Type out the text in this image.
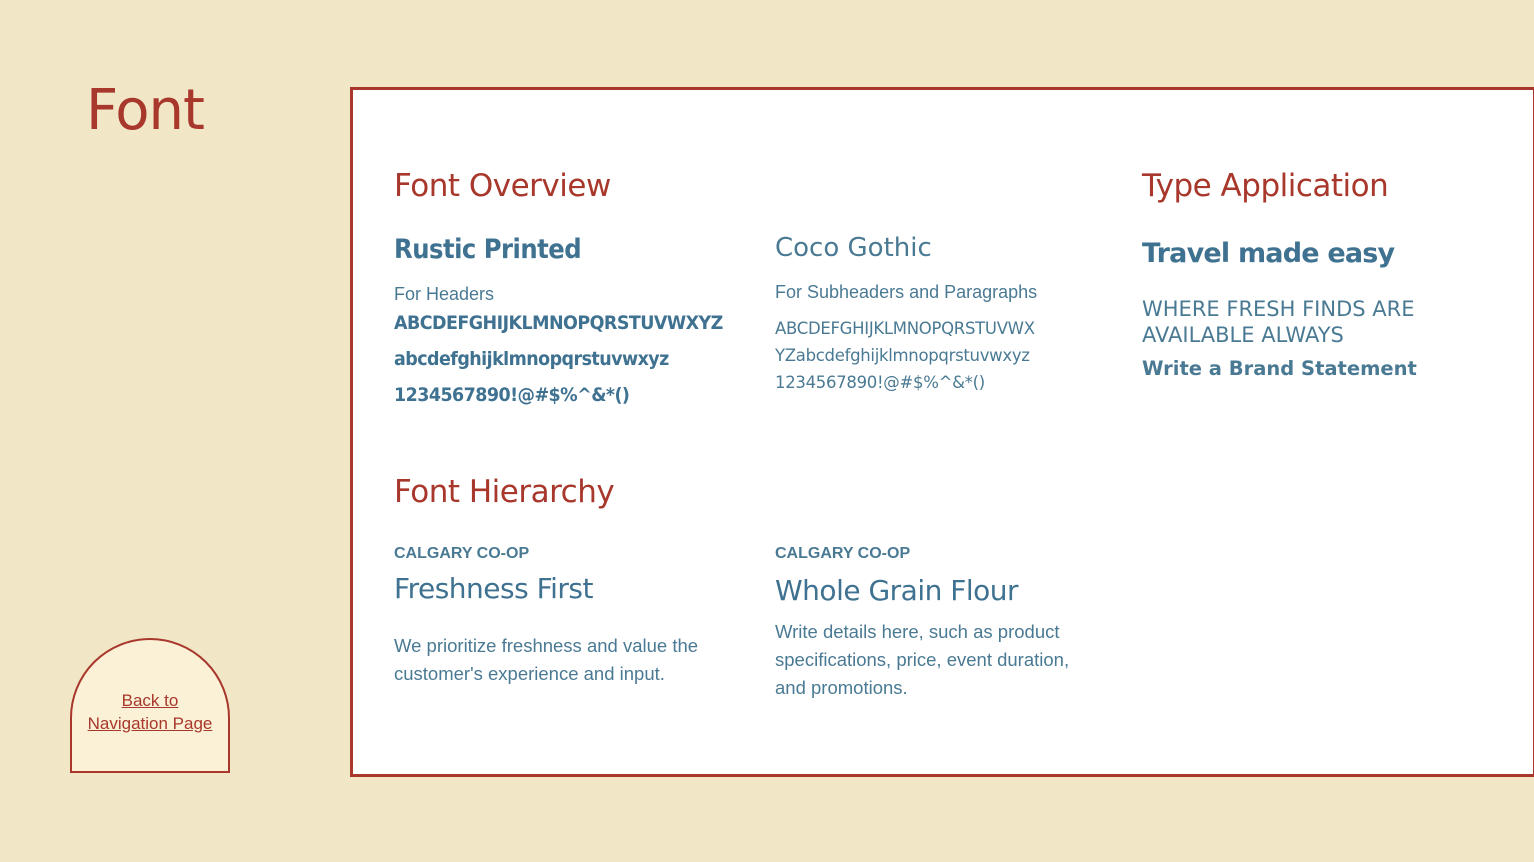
Font
Font Overview

Rustic Printed

For Headers

ABCDEFGHIJKLMNOPQRSTUVWXYZ

abcdefghijklmnopqrstuvwxyz

1234567890!@#$%^&*()

Coco Gothic

For Subheaders and Paragraphs

ABCDEFGHIJKLMNOPQRSTUVWX

YZabcdefghijklmnopqrstuvwxyz

1234567890!@#$%^&*()

Type Application

Travel made easy

WHERE FRESH FINDS ARE AVAILABLE ALWAYS

Write a Brand Statement

Font Hierarchy

CALGARY CO-OP

Freshness First

We prioritize freshness and value the customer's experience and input.

CALGARY CO-OP

Whole Grain Flour

Write details here, such as product specifications, price, event duration, and promotions.

Back to
Navigation Page
